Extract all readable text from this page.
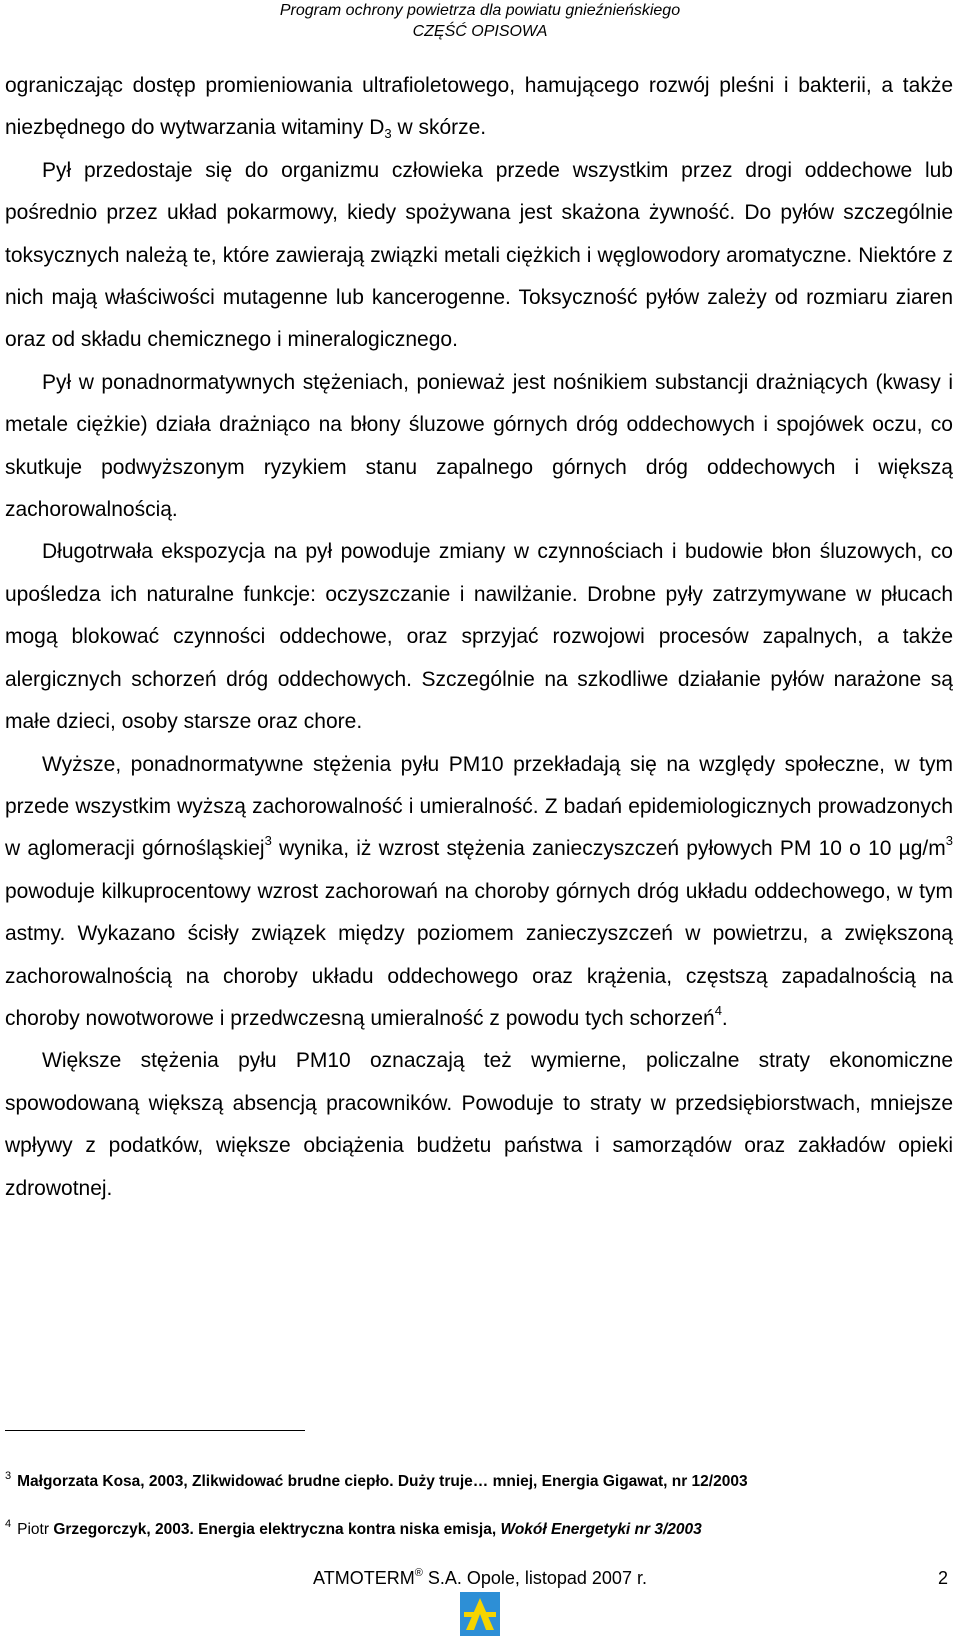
Program ochrony powietrza dla powiatu gnieźnieńskiego
CZĘŚĆ OPISOWA

ograniczając dostęp promieniowania ultrafioletowego, hamującego rozwój pleśni i bakterii, a także niezbędnego do wytwarzania witaminy $D_3$ w skórze.

Pył przedostaje się do organizmu człowieka przede wszystkim przez drogi oddechowe lub pośrednio przez układ pokarmowy, kiedy spożywana jest skażona żywność. Do pyłów szczególnie toksycznych należą te, które zawierają związki metali ciężkich i węglowodory aromatyczne. Niektóre z nich mają właściwości mutagenne lub kancerogenne. Toksyczność pyłów zależy od rozmiaru ziaren oraz od składu chemicznego i mineralogicznego.

Pył w ponadnormatywnych stężeniach, ponieważ jest nośnikiem substancji drażniących (kwasy i metale ciężkie) działa drażniąco na błony śluzowe górnych dróg oddechowych i spojówek oczu, co skutkuje podwyższonym ryzykiem stanu zapalnego górnych dróg oddechowych i większą zachorowalnością.

Długotrwała ekspozycja na pył powoduje zmiany w czynnościach i budowie błon śluzowych, co upośledza ich naturalne funkcje: oczyszczanie i nawilżanie. Drobne pyły zatrzymywane w płucach mogą blokować czynności oddechowe, oraz sprzyjać rozwojowi procesów zapalnych, a także alergicznych schorzeń dróg oddechowych. Szczególnie na szkodliwe działanie pyłów narażone są małe dzieci, osoby starsze oraz chore.

Wyższe, ponadnormatywne stężenia pyłu PM10 przekładają się na względy społeczne, w tym przede wszystkim wyższą zachorowalność i umieralność. Z badań epidemiologicznych prowadzonych w aglomeracji górnośląskiej$^3$ wynika, iż wzrost stężenia zanieczyszczeń pyłowych PM 10 o 10 $\mu g/m^3$ powoduje kilkuprocentowy wzrost zachorowań na choroby górnych dróg układu oddechowego, w tym astmy. Wykazano ścisły związek między poziomem zanieczyszczeń w powietrzu, a zwiększoną zachorowalnością na choroby układu oddechowego oraz krążenia, częstszą zapadalnością na choroby nowotworowe i przedwczesną umieralność z powodu tych schorzeń$^4$.

Większe stężenia pyłu PM10 oznaczają też wymierne, policzalne straty ekonomiczne spowodowaną większą absencją pracowników. Powoduje to straty w przedsiębiorstwach, mniejsze wpływy z podatków, większe obciążenia budżetu państwa i samorządów oraz zakładów opieki zdrowotnej.

$^3$ Małgorzata Kosa, 2003, Zlikwidować brudne ciepło. Duży truje… mniej, Energia Gigawat, nr 12/2003
$^4$ Piotr Grzegorczyk, 2003. Energia elektryczna kontra niska emisja, Wokół Energetyki nr 3/2003
ATMOTERM® S.A. Opole, listopad 2007 r.	2
